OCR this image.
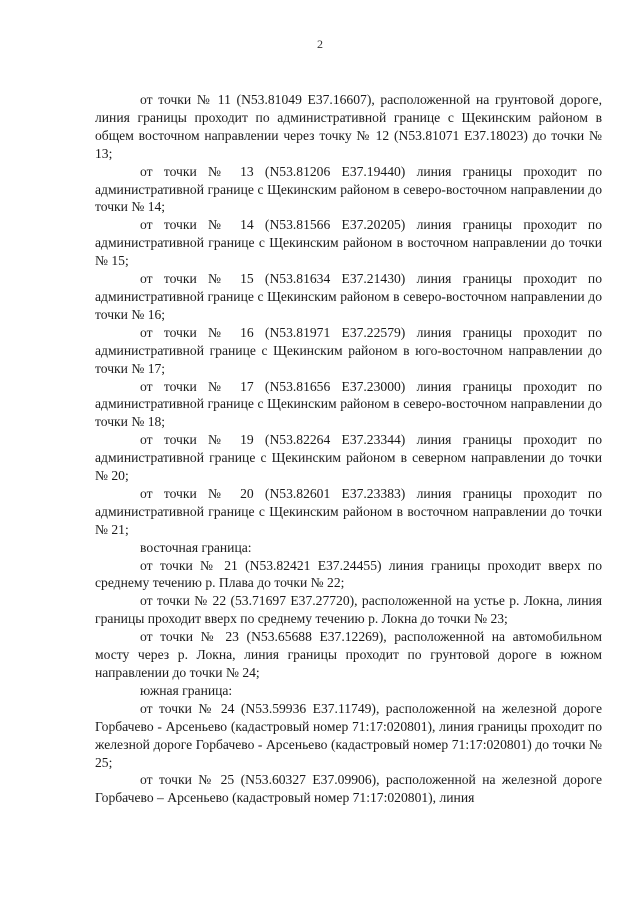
2

от точки № 11 (N53.81049 E37.16607), расположенной на грунтовой дороге, линия границы проходит по административной границе с Щекинским районом в общем восточном направлении через точку № 12 (N53.81071 E37.18023) до точки № 13;

от точки № 13 (N53.81206 E37.19440) линия границы проходит по административной границе с Щекинским районом в северо-восточном направлении до точки № 14;

от точки № 14 (N53.81566 E37.20205) линия границы проходит по административной границе с Щекинским районом в восточном направлении до точки № 15;

от точки № 15 (N53.81634 E37.21430) линия границы проходит по административной границе с Щекинским районом в северо-восточном направлении до точки № 16;

от точки № 16 (N53.81971 E37.22579) линия границы проходит по административной границе с Щекинским районом в юго-восточном направлении до точки № 17;

от точки № 17 (N53.81656 E37.23000) линия границы проходит по административной границе с Щекинским районом в северо-восточном направлении до точки № 18;

от точки № 19 (N53.82264 E37.23344) линия границы проходит по административной границе с Щекинским районом в северном направлении до точки № 20;

от точки № 20 (N53.82601 E37.23383) линия границы проходит по административной границе с Щекинским районом в восточном направлении до точки № 21;

восточная граница:

от точки № 21 (N53.82421 E37.24455) линия границы проходит вверх по среднему течению р. Плава до точки № 22;

от точки № 22 (53.71697 E37.27720), расположенной на устье р. Локна, линия границы проходит вверх по среднему течению р. Локна до точки № 23;

от точки № 23 (N53.65688 E37.12269), расположенной на автомобильном мосту через р. Локна, линия границы проходит по грунтовой дороге в южном направлении до точки № 24;

южная граница:

от точки № 24 (N53.59936 E37.11749), расположенной на железной дороге Горбачево - Арсеньево (кадастровый номер 71:17:020801), линия границы проходит по железной дороге Горбачево - Арсеньево (кадастровый номер 71:17:020801) до точки № 25;

от точки № 25 (N53.60327 E37.09906), расположенной на железной дороге Горбачево – Арсеньево (кадастровый номер 71:17:020801), линия
